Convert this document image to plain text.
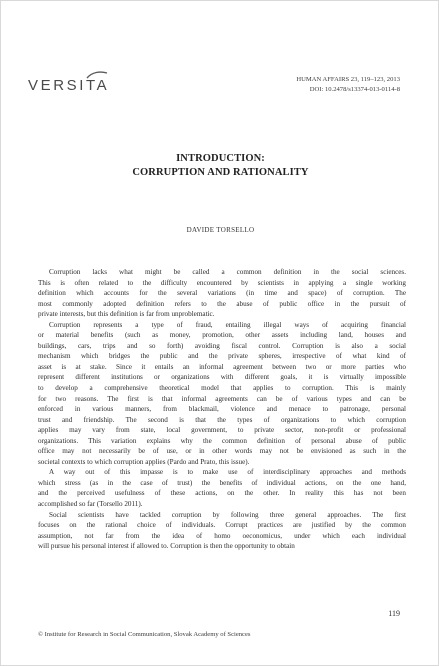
VERSITA	HUMAN AFFAIRS 23, 119–123, 2013
DOI: 10.2478/s13374-013-0114-8
INTRODUCTION:
CORRUPTION AND RATIONALITY
DAVIDE TORSELLO

Corruption lacks what might be called a common definition in the social sciences.

This is often related to the difficulty encountered by scientists in applying a single working

definition which accounts for the several variations (in time and space) of corruption. The

most commonly adopted definition refers to the abuse of public office in the pursuit of

private interests, but this definition is far from unproblematic.

Corruption represents a type of fraud, entailing illegal ways of acquiring financial

or material benefits (such as money, promotion, other assets including land, houses and

buildings, cars, trips and so forth) avoiding fiscal control. Corruption is also a social

mechanism which bridges the public and the private spheres, irrespective of what kind of

asset is at stake. Since it entails an informal agreement between two or more parties who

represent different institutions or organizations with different goals, it is virtually impossible

to develop a comprehensive theoretical model that applies to corruption. This is mainly

for two reasons. The first is that informal agreements can be of various types and can be

enforced in various manners, from blackmail, violence and menace to patronage, personal

trust and friendship. The second is that the types of organizations to which corruption

applies may vary from state, local government, to private sector, non-profit or professional

organizations. This variation explains why the common definition of personal abuse of public

office may not necessarily be of use, or in other words may not be envisioned as such in the

societal contexts to which corruption applies (Pardo and Prato, this issue).

A way out of this impasse is to make use of interdisciplinary approaches and methods

which stress (as in the case of trust) the benefits of individual actions, on the one hand,

and the perceived usefulness of these actions, on the other. In reality this has not been

accomplished so far (Torsello 2011).

Social scientists have tackled corruption by following three general approaches. The first

focuses on the rational choice of individuals. Corrupt practices are justified by the common

assumption, not far from the idea of homo oeconomicus, under which each individual

will pursue his personal interest if allowed to. Corruption is then the opportunity to obtain

119
© Institute for Research in Social Communication, Slovak Academy of Sciences
